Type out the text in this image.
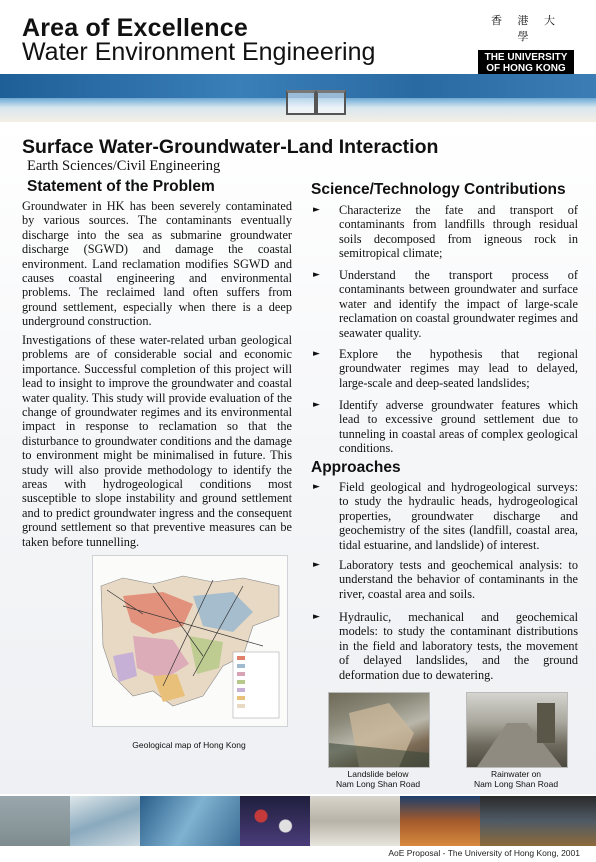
Area of Excellence
Water Environment Engineering
香 港 大 學
THE UNIVERSITY
OF HONG KONG
Surface Water-Groundwater-Land Interaction
Earth Sciences/Civil Engineering
Statement of the Problem
Groundwater in HK has been severely contaminated by various sources. The contaminants eventually discharge into the sea as submarine groundwater discharge (SGWD) and damage the coastal environment. Land reclamation modifies SGWD and causes coastal engineering and environmental problems. The reclaimed land often suffers from ground settlement, especially when there is a deep underground construction.
Investigations of these water-related urban geological problems are of considerable social and economic importance. Successful completion of this project will lead to insight to improve the groundwater and coastal water quality. This study will provide evaluation of the change of groundwater regimes and its environmental impact in response to reclamation so that the disturbance to groundwater conditions and the damage to environment might be minimalised in future. This study will also provide methodology to identify the areas with hydrogeological conditions most susceptible to slope instability and ground settlement and to predict groundwater ingress and the consequent ground settlement so that preventive measures can be taken before tunnelling.
Geological map of Hong Kong
Science/Technology Contributions
► Characterize the fate and transport of contaminants from landfills through residual soils decomposed from igneous rock in semitropical climate;
► Understand the transport process of contaminants between groundwater and surface water and identify the impact of large-scale reclamation on coastal groundwater regimes and seawater quality.
► Explore the hypothesis that regional groundwater regimes may lead to delayed, large-scale and deep-seated landslides;
► Identify adverse groundwater features which lead to excessive ground settlement due to tunneling in coastal areas of complex geological conditions.
Approaches
► Field geological and hydrogeological surveys: to study the hydraulic heads, hydrogeological properties, groundwater discharge and geochemistry of the sites (landfill, coastal area, tidal estuarine, and landslide) of interest.
► Laboratory tests and geochemical analysis: to understand the behavior of contaminants in the river, coastal area and soils.
► Hydraulic, mechanical and geochemical models: to study the contaminant distributions in the field and laboratory tests, the movement of delayed landslides, and the ground deformation due to dewatering.
Landslide below
Nam Long Shan Road
Rainwater on
Nam Long Shan Road
AoE Proposal - The University of Hong Kong, 2001
